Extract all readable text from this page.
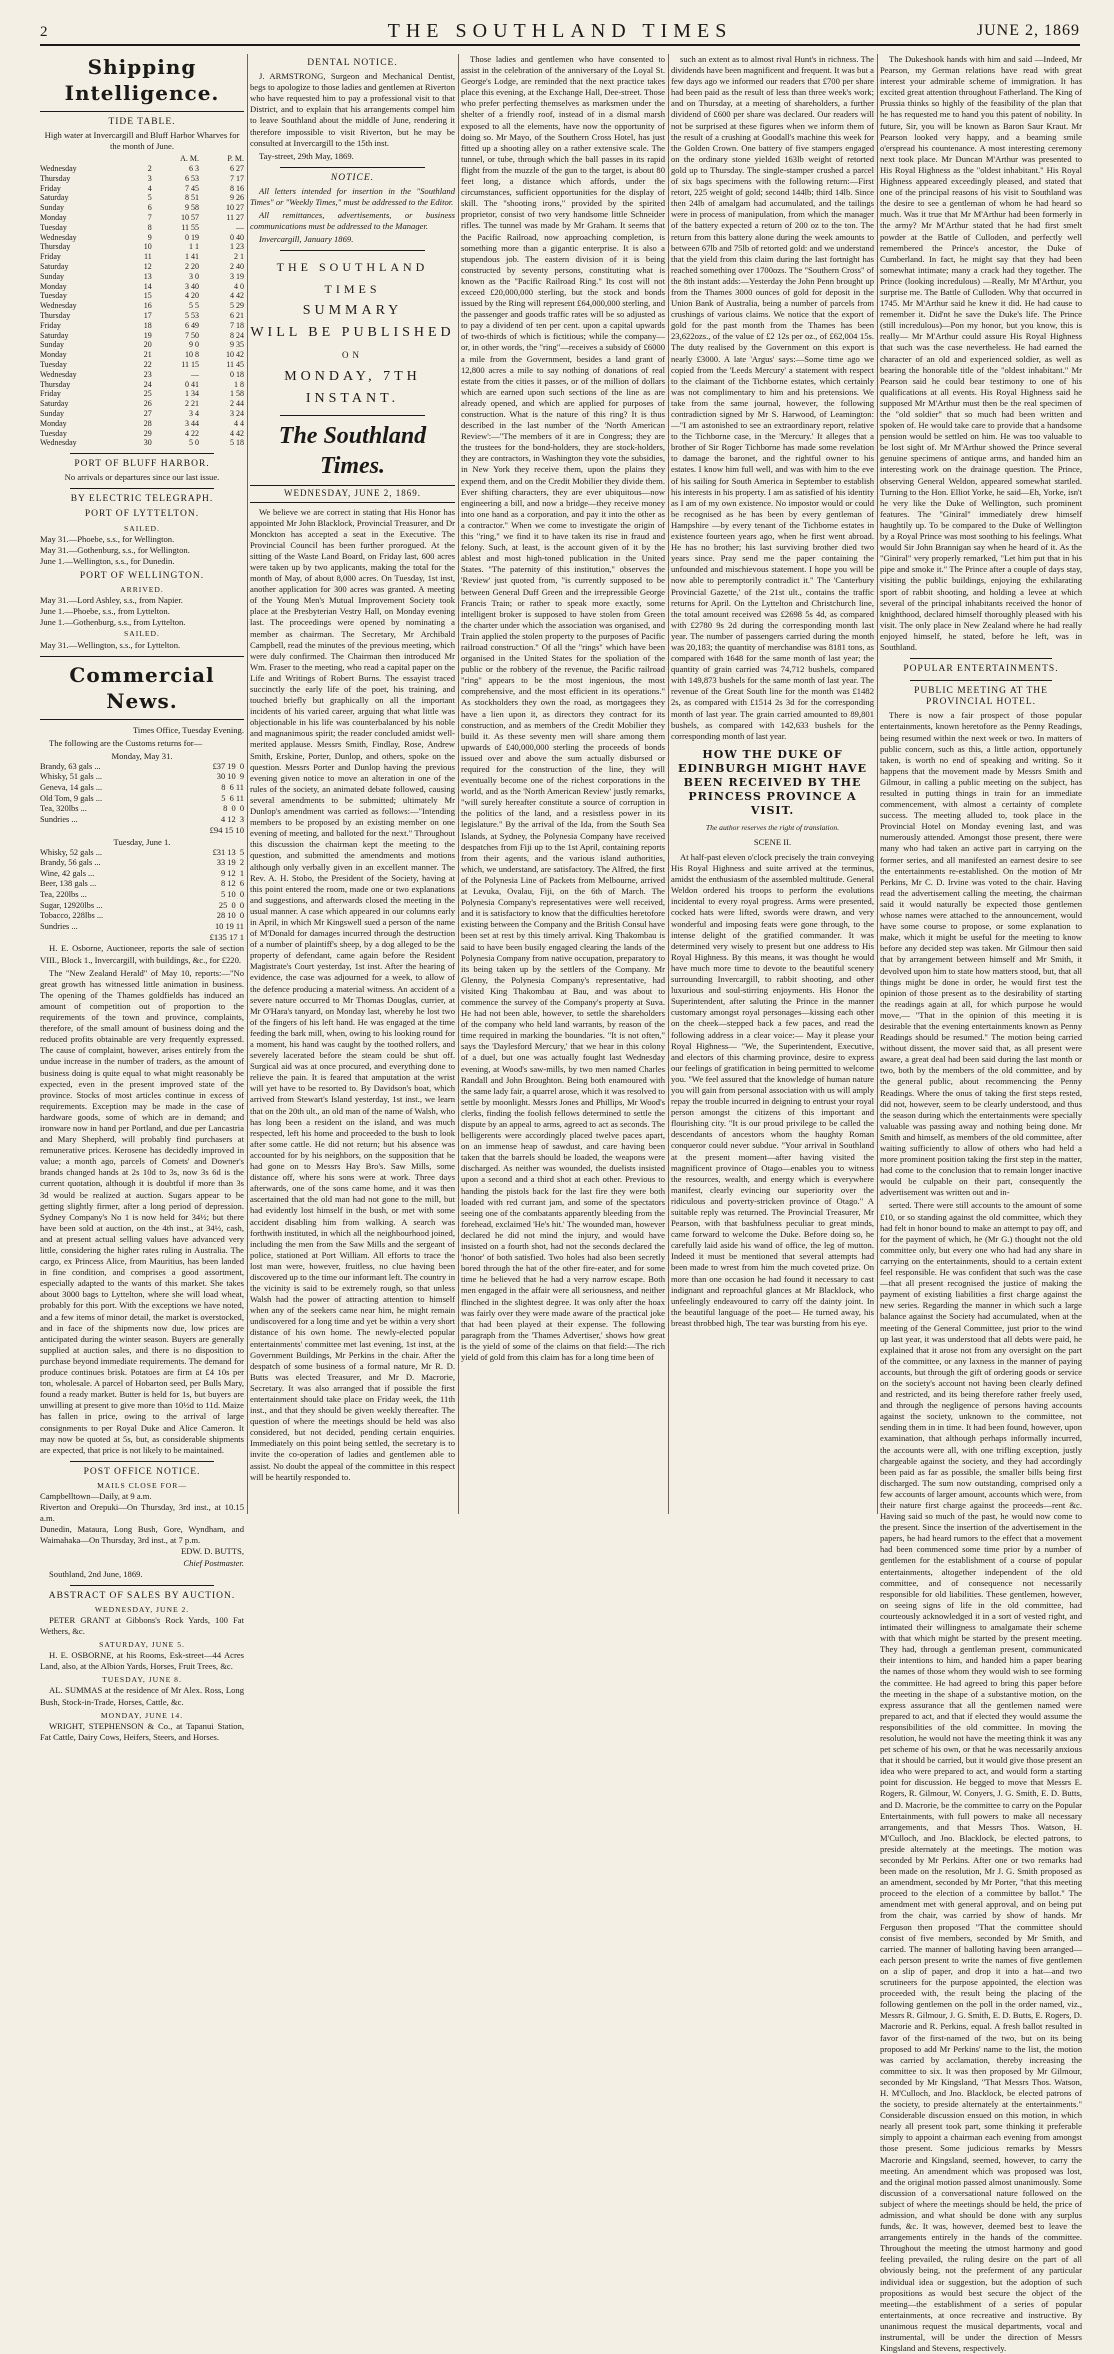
2	THE SOUTHLAND TIMES	JUNE 2, 1869
Shipping Intelligence.
TIDE TABLE.

High water at Invercargill and Bluff Harbor Wharves for the month of June.

		A. M.	P. M.
Wednesday	2	6 3	6 27
Thursday	3	6 53	7 17
Friday	4	7 45	8 16
Saturday	5	8 51	9 26
Sunday	6	9 58	10 27
Monday	7	10 57	11 27
Tuesday	8	11 55	—
Wednesday	9	0 19	0 40
Thursday	10	1 1	1 23
Friday	11	1 41	2 1
Saturday	12	2 20	2 40
Sunday	13	3 0	3 19
Monday	14	3 40	4 0
Tuesday	15	4 20	4 42
Wednesday	16	5 5	5 29
Thursday	17	5 53	6 21
Friday	18	6 49	7 18
Saturday	19	7 50	8 24
Sunday	20	9 0	9 35
Monday	21	10 8	10 42
Tuesday	22	11 15	11 45
Wednesday	23	—	0 18
Thursday	24	0 41	1 8
Friday	25	1 34	1 58
Saturday	26	2 21	2 44
Sunday	27	3 4	3 24
Monday	28	3 44	4 4
Tuesday	29	4 22	4 42
Wednesday	30	5 0	5 18
PORT OF BLUFF HARBOR.

No arrivals or departures since our last issue.

BY ELECTRIC TELEGRAPH.
PORT OF LYTTELTON.
SAILED.
May 31.—Phoebe, s.s., for Wellington.
May 31.—Gothenburg, s.s., for Wellington.
June 1.—Wellington, s.s., for Dunedin.
PORT OF WELLINGTON.
ARRIVED.
May 31.—Lord Ashley, s.s., from Napier.
June 1.—Phoebe, s.s., from Lyttelton.
June 1.—Gothenburg, s.s., from Lyttelton.
SAILED.
May 31.—Wellington, s.s., for Lyttelton.
Commercial News.

Times Office, Tuesday Evening.

The following are the Customs returns for—

Monday, May 31.
Brandy, 63 gals ...	£37 19  0
Whisky, 51 gals ...	30 10  9
Geneva, 14 gals ...	8  6 11
Old Tom, 9 gals ...	5  6 11
Tea, 320lbs ...	8  0  0
Sundries ...	4 12  3
£94 15 10
Tuesday, June 1.
Whisky, 52 gals ...	£31 13  5
Brandy, 56 gals ...	33 19  2
Wine, 42 gals ...	9 12  1
Beer, 138 gals ...	8 12  6
Tea, 220lbs ...	5 10  0
Sugar, 12920lbs ...	25  0  0
Tobacco, 228lbs ...	28 10  0
Sundries ...	10 19 11
£135 17 1

H. E. Osborne, Auctioneer, reports the sale of section VIII., Block 1., Invercargill, with buildings, &c., for £220.

The "New Zealand Herald" of May 10, reports:—"No great growth has witnessed little animation in business. The opening of the Thames goldfields has induced an amount of competition out of proportion to the requirements of the town and province, complaints, therefore, of the small amount of business doing and the reduced profits obtainable are very frequently expressed. The cause of complaint, however, arises entirely from the undue increase in the number of traders, as the amount of business doing is quite equal to what might reasonably be expected, even in the present improved state of the province. Stocks of most articles continue in excess of requirements. Exception may be made in the case of hardware goods, some of which are in demand; and ironware now in hand per Portland, and due per Lancastria and Mary Shepherd, will probably find purchasers at remunerative prices. Kerosene has decidedly improved in value; a month ago, parcels of Comets' and Downer's brands changed hands at 2s 10d to 3s, now 3s 6d is the current quotation, although it is doubtful if more than 3s 3d would be realized at auction. Sugars appear to be getting slightly firmer, after a long period of depression. Sydney Company's No 1 is now held for 34½; but there have been sold at auction, on the 4th inst., at 34½, cash, and at present actual selling values have advanced very little, considering the higher rates ruling in Australia. The cargo, ex Princess Alice, from Mauritius, has been landed in fine condition, and comprises a good assortment, especially adapted to the wants of this market. She takes about 3000 bags to Lyttelton, where she will load wheat, probably for this port. With the exceptions we have noted, and a few items of minor detail, the market is overstocked, and in face of the shipments now due, low prices are anticipated during the winter season. Buyers are generally supplied at auction sales, and there is no disposition to purchase beyond immediate requirements. The demand for produce continues brisk. Potatoes are firm at £4 10s per ton, wholesale. A parcel of Hobarton seed, per Bulls Mary, found a ready market. Butter is held for 1s, but buyers are unwilling at present to give more than 10½d to 11d. Maize has fallen in price, owing to the arrival of large consignments to per Royal Duke and Alice Cameron. It may now be quoted at 5s, but, as considerable shipments are expected, that price is not likely to be maintained.

POST OFFICE NOTICE.
MAILS CLOSE FOR—
Campbelltown—Daily, at 9 a.m.
Riverton and Orepuki—On Thursday, 3rd inst., at 10.15 a.m.
Dunedin, Mataura, Long Bush, Gore, Wyndham, and Waimahaka—On Thursday, 3rd inst., at 7 p.m.
EDW. D. BUTTS,
Chief Postmaster.

Southland, 2nd June, 1869.

ABSTRACT OF SALES BY AUCTION.
WEDNESDAY, JUNE 2.

PETER GRANT at Gibbons's Rock Yards, 100 Fat Wethers, &c.

SATURDAY, JUNE 5.

H. E. OSBORNE, at his Rooms, Esk-street—44 Acres Land, also, at the Albion Yards, Horses, Fruit Trees, &c.

TUESDAY, JUNE 8.

AL. SUMMAS at the residence of Mr Alex. Ross, Long Bush, Stock-in-Trade, Horses, Cattle, &c.

MONDAY, JUNE 14.

WRIGHT, STEPHENSON & Co., at Tapanui Station, Fat Cattle, Dairy Cows, Heifers, Steers, and Horses.

DENTAL NOTICE.

J. ARMSTRONG, Surgeon and Mechanical Dentist, begs to apologize to those ladies and gentlemen at Riverton who have requested him to pay a professional visit to that District, and to explain that his arrangements compel him to leave Southland about the middle of June, rendering it therefore impossible to visit Riverton, but he may be consulted at Invercargill to the 15th inst.

Tay-street, 29th May, 1869.

NOTICE.

All letters intended for insertion in the "Southland Times" or "Weekly Times," must be addressed to the Editor.

All remittances, advertisements, or business communications must be addressed to the Manager.

Invercargill, January 1869.

THE SOUTHLAND TIMES
SUMMARY
WILL BE PUBLISHED
ON
MONDAY, 7TH INSTANT.
The Southland Times.
WEDNESDAY, JUNE 2, 1869.

We believe we are correct in stating that His Honor has appointed Mr John Blacklock, Provincial Treasurer, and Dr Monckton has accepted a seat in the Executive. The Provincial Council has been further prorogued. At the sitting of the Waste Land Board, on Friday last, 600 acres were taken up by two applicants, making the total for the month of May, of about 8,000 acres. On Tuesday, 1st inst, another application for 300 acres was granted. A meeting of the Young Men's Mutual Improvement Society took place at the Presbyterian Vestry Hall, on Monday evening last. The proceedings were opened by nominating a member as chairman. The Secretary, Mr Archibald Campbell, read the minutes of the previous meeting, which were duly confirmed. The Chairman then introduced Mr Wm. Fraser to the meeting, who read a capital paper on the Life and Writings of Robert Burns. The essayist traced succinctly the early life of the poet, his training, and touched briefly but graphically on all the important incidents of his varied career, arguing that what little was objectionable in his life was counterbalanced by his noble and magnanimous spirit; the reader concluded amidst well-merited applause. Messrs Smith, Findlay, Rose, Andrew Smith, Erskine, Porter, Dunlop, and others, spoke on the question. Messrs Porter and Dunlop having the previous evening given notice to move an alteration in one of the rules of the society, an animated debate followed, causing several amendments to be submitted; ultimately Mr Dunlop's amendment was carried as follows:—"Intending members to be proposed by an existing member on one evening of meeting, and balloted for the next." Throughout this discussion the chairman kept the meeting to the question, and submitted the amendments and motions although only verbally given in an excellent manner. The Rev. A. H. Stobo, the President of the Society, having at this point entered the room, made one or two explanations and suggestions, and afterwards closed the meeting in the usual manner. A case which appeared in our columns early in April, in which Mr Kingswell sued a person of the name of M'Donald for damages incurred through the destruction of a number of plaintiff's sheep, by a dog alleged to be the property of defendant, came again before the Resident Magistrate's Court yesterday, 1st inst. After the hearing of evidence, the case was adjourned for a week, to allow of the defence producing a material witness. An accident of a severe nature occurred to Mr Thomas Douglas, currier, at Mr O'Hara's tanyard, on Monday last, whereby he lost two of the fingers of his left hand. He was engaged at the time feeding the bark mill, when, owing to his looking round for a moment, his hand was caught by the toothed rollers, and severely lacerated before the steam could be shut off. Surgical aid was at once procured, and everything done to relieve the pain. It is feared that amputation at the wrist will yet have to be resorted to. By Davidson's boat, which arrived from Stewart's Island yesterday, 1st inst., we learn that on the 20th ult., an old man of the name of Walsh, who has long been a resident on the island, and was much respected, left his home and proceeded to the bush to look after some cattle. He did not return; but his absence was accounted for by his neighbors, on the supposition that he had gone on to Messrs Hay Bro's. Saw Mills, some distance off, where his sons were at work. Three days afterwards, one of the sons came home, and it was then ascertained that the old man had not gone to the mill, but had evidently lost himself in the bush, or met with some accident disabling him from walking. A search was forthwith instituted, in which all the neighbourhood joined, including the men from the Saw Mills and the sergeant of police, stationed at Port William. All efforts to trace the lost man were, however, fruitless, no clue having been discovered up to the time our informant left. The country in the vicinity is said to be extremely rough, so that unless Walsh had the power of attracting attention to himself when any of the seekers came near him, he might remain undiscovered for a long time and yet be within a very short distance of his own home. The newly-elected popular entertainments' committee met last evening, 1st inst, at the Government Buildings, Mr Perkins in the chair. After the despatch of some business of a formal nature, Mr R. D. Butts was elected Treasurer, and Mr D. Macrorie, Secretary. It was also arranged that if possible the first entertainment should take place on Friday week, the 11th inst., and that they should be given weekly thereafter. The question of where the meetings should be held was also considered, but not decided, pending certain enquiries. Immediately on this point being settled, the secretary is to invite the co-operation of ladies and gentlemen able to assist. No doubt the appeal of the committee in this respect will be heartily responded to.

Those ladies and gentlemen who have consented to assist in the celebration of the anniversary of the Loyal St. George's Lodge, are reminded that the next practice takes place this evening, at the Exchange Hall, Dee-street. Those who prefer perfecting themselves as marksmen under the shelter of a friendly roof, instead of in a dismal marsh exposed to all the elements, have now the opportunity of doing so. Mr Mayo, of the Southern Cross Hotel, has just fitted up a shooting alley on a rather extensive scale. The tunnel, or tube, through which the ball passes in its rapid flight from the muzzle of the gun to the target, is about 80 feet long, a distance which affords, under the circumstances, sufficient opportunities for the display of skill. The "shooting irons," provided by the spirited proprietor, consist of two very handsome little Schneider rifles. The tunnel was made by Mr Graham. It seems that the Pacific Railroad, now approaching completion, is something more than a gigantic enterprise. It is also a stupendous job. The eastern division of it is being constructed by seventy persons, constituting what is known as the "Pacific Railroad Ring." Its cost will not exceed £20,000,000 sterling, but the stock and bonds issued by the Ring will represent £64,000,000 sterling, and the passenger and goods traffic rates will be so adjusted as to pay a dividend of ten per cent. upon a capital upwards of two-thirds of which is fictitious; while the company—or, in other words, the "ring"—receives a subsidy of £6000 a mile from the Government, besides a land grant of 12,800 acres a mile to say nothing of donations of real estate from the cities it passes, or of the million of dollars which are earned upon such sections of the line as are already opened, and which are applied for purposes of construction. What is the nature of this ring? It is thus described in the last number of the 'North American Review':—"The members of it are in Congress; they are the trustees for the bond-holders, they are stock-holders, they are contractors, in Washington they vote the subsidies, in New York they receive them, upon the plains they expend them, and on the Credit Mobilier they divide them. Ever shifting characters, they are ever ubiquitous—now engineering a bill, and now a bridge—they receive money into one hand as a corporation, and pay it into the other as a contractor." When we come to investigate the origin of this "ring," we find it to have taken its rise in fraud and felony. Such, at least, is the account given of it by the ablest and most high-toned publication in the United States. "The paternity of this institution," observes the 'Review' just quoted from, "is currently supposed to be between General Duff Green and the irrepressible George Francis Train; or rather to speak more exactly, some intelligent broker is supposed to have stolen from Green the charter under which the association was organised, and Train applied the stolen property to the purposes of Pacific railroad construction." Of all the "rings" which have been organised in the United States for the spoliation of the public or the robbery of the revenue, the Pacific railroad "ring" appears to be the most ingenious, the most comprehensive, and the most efficient in its operations." As stockholders they own the road, as mortgagees they have a lien upon it, as directors they contract for its construction, and as members of the Credit Mobilier they build it. As these seventy men will share among them upwards of £40,000,000 sterling the proceeds of bonds issued over and above the sum actually disbursed or required for the construction of the line, they will eventually become one of the richest corporations in the world, and as the 'North American Review' justly remarks, "will surely hereafter constitute a source of corruption in the politics of the land, and a resistless power in its legislature." By the arrival of the Ida, from the South Sea Islands, at Sydney, the Polynesia Company have received despatches from Fiji up to the 1st April, containing reports from their agents, and the various island authorities, which, we understand, are satisfactory. The Alfred, the first of the Polynesia Line of Packets from Melbourne, arrived at Levuka, Ovalau, Fiji, on the 6th of March. The Polynesia Company's representatives were well received, and it is satisfactory to know that the difficulties heretofore existing between the Company and the British Consul have been set at rest by this timely arrival. King Thakombau is said to have been busily engaged clearing the lands of the Polynesia Company from native occupation, preparatory to its being taken up by the settlers of the Company. Mr Glenny, the Polynesia Company's representative, had visited King Thakombau at Bau, and was about to commence the survey of the Company's property at Suva. He had not been able, however, to settle the shareholders of the company who held land warrants, by reason of the time required in marking the boundaries. "It is not often," says the 'Daylesford Mercury,' that we hear in this colony of a duel, but one was actually fought last Wednesday evening, at Wood's saw-mills, by two men named Charles Randall and John Broughton. Being both enamoured with the same lady fair, a quarrel arose, which it was resolved to settle by moonlight. Messrs Jones and Phillips, Mr Wood's clerks, finding the foolish fellows determined to settle the dispute by an appeal to arms, agreed to act as seconds. The belligerents were accordingly placed twelve paces apart, on an immense heap of sawdust, and care having been taken that the barrels should be loaded, the weapons were discharged. As neither was wounded, the duelists insisted upon a second and a third shot at each other. Previous to handing the pistols back for the last fire they were both loaded with red currant jam, and some of the spectators seeing one of the combatants apparently bleeding from the forehead, exclaimed 'He's hit.' The wounded man, however declared he did not mind the injury, and would have insisted on a fourth shot, had not the seconds declared the 'honor' of both satisfied. Two holes had also been secretly bored through the hat of the other fire-eater, and for some time he believed that he had a very narrow escape. Both men engaged in the affair were all seriousness, and neither flinched in the slightest degree. It was only after the hoax was fairly over they were made aware of the practical joke that had been played at their expense. The following paragraph from the 'Thames Advertiser,' shows how great is the yield of some of the claims on that field:—The rich yield of gold from this claim has for a long time been of

such an extent as to almost rival Hunt's in richness. The dividends have been magnificent and frequent. It was but a few days ago we informed our readers that £700 per share had been paid as the result of less than three week's work; and on Thursday, at a meeting of shareholders, a further dividend of £600 per share was declared. Our readers will not be surprised at these figures when we inform them of the result of a crushing at Goodall's machine this week for the Golden Crown. One battery of five stampers engaged on the ordinary stone yielded 163lb weight of retorted gold up to Thursday. The single-stamper crushed a parcel of six bags specimens with the following return:—First retort, 225 weight of gold; second 144lb; third 14lb. Since then 24lb of amalgam had accumulated, and the tailings were in process of manipulation, from which the manager of the battery expected a return of 200 oz to the ton. The return from this battery alone during the week amounts to between 67lb and 75lb of retorted gold: and we understand that the yield from this claim during the last fortnight has reached something over 1700ozs. The "Southern Cross" of the 8th instant adds:—Yesterday the John Penn brought up from the Thames 3000 ounces of gold for deposit in the Union Bank of Australia, being a number of parcels from crushings of various claims. We notice that the export of gold for the past month from the Thames has been 23,622ozs., of the value of £2 12s per oz., of £62,004 15s. The duty realised by the Government on this export is nearly £3000. A late 'Argus' says:—Some time ago we copied from the 'Leeds Mercury' a statement with respect to the claimant of the Tichborne estates, which certainly was not complimentary to him and his pretensions. We take from the same journal, however, the following contradiction signed by Mr S. Harwood, of Leamington:—"I am astonished to see an extraordinary report, relative to the Tichborne case, in the 'Mercury.' It alleges that a brother of Sir Roger Tichborne has made some revelation to damage the baronet, and the rightful owner to his estates. I know him full well, and was with him to the eve of his sailing for South America in September to establish his interests in his property. I am as satisfied of his identity as I am of my own existence. No impostor would or could be recognised as he has been by every gentleman of Hampshire —by every tenant of the Tichborne estates in existence fourteen years ago, when he first went abroad. He has no brother; his last surviving brother died two years since. Pray send me the paper containing the unfounded and mischievous statement. I hope you will be now able to peremptorily contradict it." The 'Canterbury Provincial Gazette,' of the 21st ult., contains the traffic returns for April. On the Lyttelton and Christchurch line, the total amount received was £2698 5s 4d, as compared with £2780 9s 2d during the corresponding month last year. The number of passengers carried during the month was 20,183; the quantity of merchandise was 8181 tons, as compared with 1648 for the same month of last year; the quantity of grain carried was 74,712 bushels, compared with 149,873 bushels for the same month of last year. The revenue of the Great South line for the month was £1482 2s, as compared with £1514 2s 3d for the corresponding month of last year. The grain carried amounted to 89,801 bushels, as compared with 142,633 bushels for the corresponding month of last year.

HOW THE DUKE OF EDINBURGH MIGHT HAVE BEEN RECEIVED BY THE PRINCESS PROVINCE A VISIT.
The author reserves the right of translation.
SCENE II.

At half-past eleven o'clock precisely the train conveying His Royal Highness and suite arrived at the terminus, amidst the enthusiasm of the assembled multitude. General Weldon ordered his troops to perform the evolutions incidental to every royal progress. Arms were presented, cocked hats were lifted, swords were drawn, and very wonderful and imposing feats were gone through, to the intense delight of the gratified commander. It was determined very wisely to present but one address to His Royal Highness. By this means, it was thought he would have much more time to devote to the beautiful scenery surrounding Invercargill, to rabbit shooting, and other luxurious and soul-stirring enjoyments. His Honor the Superintendent, after saluting the Prince in the manner customary amongst royal personages—kissing each other on the cheek—stepped back a few paces, and read the following address in a clear voice:— May it please your Royal Highness— "We, the Superintendent, Executive, and electors of this charming province, desire to express our feelings of gratification in being permitted to welcome you. "We feel assured that the knowledge of human nature you will gain from personal association with us will amply repay the trouble incurred in deigning to entrust your royal person amongst the citizens of this important and flourishing city. "It is our proud privilege to be called the descendants of ancestors whom the haughty Roman conqueror could never subdue. "Your arrival in Southland at the present moment—after having visited the magnificent province of Otago—enables you to witness the resources, wealth, and energy which is everywhere manifest, clearly evincing our superiority over the ridiculous and poverty-stricken province of Otago." A suitable reply was returned. The Provincial Treasurer, Mr Pearson, with that bashfulness peculiar to great minds, came forward to welcome the Duke. Before doing so, he carefully laid aside his wand of office, the leg of mutton. Indeed it must be mentioned that several attempts had been made to wrest from him the much coveted prize. On more than one occasion he had found it necessary to cast indignant and reproachful glances at Mr Blacklock, who unfeelingly endeavoured to carry off the dainty joint. In the beautiful language of the poet— He turned away, his breast throbbed high, The tear was bursting from his eye.

The Dukeshook hands with him and said —Indeed, Mr Pearson, my German relations have read with great interest your admirable scheme of immigration. It has excited great attention throughout Fatherland. The King of Prussia thinks so highly of the feasibility of the plan that he has requested me to hand you this patent of nobility. In future, Sir, you will be known as Baron Saur Kraut. Mr Pearson looked very happy, and a beaming smile o'erspread his countenance. A most interesting ceremony next took place. Mr Duncan M'Arthur was presented to His Royal Highness as the "oldest inhabitant." His Royal Highness appeared exceedingly pleased, and stated that one of the principal reasons of his visit to Southland was the desire to see a gentleman of whom he had heard so much. Was it true that Mr M'Arthur had been formerly in the army? Mr M'Arthur stated that he had first smelt powder at the Battle of Culloden, and perfectly well remembered the Prince's ancestor, the Duke of Cumberland. In fact, he might say that they had been somewhat intimate; many a crack had they together. The Prince (looking incredulous) —Really, Mr M'Arthur, you surprise me. The Battle of Culloden. Why that occurred in 1745. Mr M'Arthur said he knew it did. He had cause to remember it. Did'nt he save the Duke's life. The Prince (still incredulous)—Pon my honor, but you know, this is really— Mr M'Arthur could assure His Royal Highness that such was the case nevertheless. He had earned the character of an old and experienced soldier, as well as bearing the honorable title of the "oldest inhabitant." Mr Pearson said he could bear testimony to one of his qualifications at all events. His Royal Highness said he supposed Mr M'Arthur must then be the real specimen of the "old soldier" that so much had been written and spoken of. He would take care to provide that a handsome pension would be settled on him. He was too valuable to be lost sight of. Mr M'Arthur showed the Prince several genuine specimens of antique arms, and handed him an interesting work on the drainage question. The Prince, observing General Weldon, appeared somewhat startled. Turning to the Hon. Elliot Yorke, he said—Eh, Yorke, isn't he very like the Duke of Wellington, such prominent features. The "Giniral" immediately drew himself haughtily up. To be compared to the Duke of Wellington by a Royal Prince was most soothing to his feelings. What would Sir John Brannigan say when he heard of it. As the "Giniral" very properly remarked, "Let him put that in his pipe and smoke it." The Prince after a couple of days stay, visiting the public buildings, enjoying the exhilarating sport of rabbit shooting, and holding a levee at which several of the principal inhabitants received the honor of knighthood, declared himself thoroughly pleased with his visit. The only place in New Zealand where he had really enjoyed himself, he stated, before he left, was in Southland.

POPULAR ENTERTAINMENTS.
PUBLIC MEETING AT THE PROVINCIAL HOTEL.

There is now a fair prospect of those popular entertainments, known heretofore as the Penny Readings, being resumed within the next week or two. In matters of public concern, such as this, a little action, opportunely taken, is worth no end of speaking and writing. So it happens that the movement made by Messrs Smith and Gilmour, in calling a public meeting on the subject, has resulted in putting things in train for an immediate commencement, with almost a certainty of complete success. The meeting alluded to, took place in the Provincial Hotel on Monday evening last, and was numerously attended. Amongst those present, there were many who had taken an active part in carrying on the former series, and all manifested an earnest desire to see the entertainments re-established. On the motion of Mr Perkins, Mr C. D. Irvine was voted to the chair. Having read the advertisement calling the meeting, the chairman said it would naturally be expected those gentlemen whose names were attached to the announcement, would have some course to propose, or some explanation to make, which it might be useful for the meeting to know before any decided step was taken. Mr Gilmour then said that by arrangement between himself and Mr Smith, it devolved upon him to state how matters stood, but, that all things might be done in order, he would first test the opinion of those present as to the desirability of starting the readings again at all, for which purpose he would move,— "That in the opinion of this meeting it is desirable that the evening entertainments known as Penny Readings should be resumed." The motion being carried without dissent, the mover said that, as all present were aware, a great deal had been said during the last month or two, both by the members of the old committee, and by the general public, about recommencing the Penny Readings. Where the onus of taking the first steps rested, did not, however, seem to be clearly understood, and thus the season during which the entertainments were specially valuable was passing away and nothing being done. Mr Smith and himself, as members of the old committee, after waiting sufficiently to allow of others who had held a more prominent position taking the first step in the matter, had come to the conclusion that to remain longer inactive would be culpable on their part, consequently the advertisement was written out and in-

serted. There were still accounts to the amount of some £10, or so standing against the old committee, which they had felt in honor bound to make an attempt to pay off, and for the payment of which, he (Mr G.) thought not the old committee only, but every one who had had any share in carrying on the entertainments, should to a certain extent feel responsible. He was confident that such was the case—that all present recognised the justice of making the payment of existing liabilities a first charge against the new series. Regarding the manner in which such a large balance against the Society had accumulated, when at the meeting of the General Committee, just prior to the wind up last year, it was understood that all debts were paid, he explained that it arose not from any oversight on the part of the committee, or any laxness in the manner of paying accounts, but through the gift of ordering goods or service on the society's account not having been clearly defined and restricted, and its being therefore rather freely used, and through the negligence of persons having accounts against the society, unknown to the committee, not sending them in in time. It had been found, however, upon examination, that although perhaps informally incurred, the accounts were all, with one trifling exception, justly chargeable against the society, and they had accordingly been paid as far as possible, the smaller bills being first discharged. The sum now outstanding, comprised only a few accounts of larger amount, accounts which were, from their nature first charge against the proceeds—rent &c. Having said so much of the past, he would now come to the present. Since the insertion of the advertisement in the papers, he had heard rumors to the effect that a movement had been commenced some time prior by a number of gentlemen for the establishment of a course of popular entertainments, altogether independent of the old committee, and of consequence not necessarily responsible for old liabilities. These gentlemen, however, on seeing signs of life in the old committee, had courteously acknowledged it in a sort of vested right, and intimated their willingness to amalgamate their scheme with that which might be started by the present meeting. They had, through a gentleman present, communicated their intentions to him, and handed him a paper bearing the names of those whom they would wish to see forming the committee. He had agreed to bring this paper before the meeting in the shape of a substantive motion, on the express assurance that all the gentlemen named were prepared to act, and that if elected they would assume the responsibilities of the old committee. In moving the resolution, he would not have the meeting think it was any pet scheme of his own, or that he was necessarily anxious that it should be carried, but it would give those present an idea who were prepared to act, and would form a starting point for discussion. He begged to move that Messrs E. Rogers, R. Gilmour, W. Conyers, J. G. Smith, E. D. Butts, and D. Macrorie, be the committee to carry on the Popular Entertainments, with full powers to make all necessary arrangements, and that Messrs Thos. Watson, H. M'Culloch, and Jno. Blacklock, be elected patrons, to preside alternately at the meetings. The motion was seconded by Mr Perkins. After one or two remarks had been made on the resolution, Mr J. G. Smith proposed as an amendment, seconded by Mr Porter, "that this meeting proceed to the election of a committee by ballot." The amendment met with general approval, and on being put from the chair, was carried by show of hands. Mr Ferguson then proposed "That the committee should consist of five members, seconded by Mr Smith, and carried. The manner of balloting having been arranged—each person present to write the names of five gentlemen on a slip of paper, and drop it into a hat—and two scrutineers for the purpose appointed, the election was proceeded with, the result being the placing of the following gentlemen on the poll in the order named, viz., Messrs R. Gilmour, J. G. Smith, E. D. Butts, E. Rogers, D. Macrorie and R. Perkins, equal. A fresh ballot resulted in favor of the first-named of the two, but on its being proposed to add Mr Perkins' name to the list, the motion was carried by acclamation, thereby increasing the committee to six. It was then proposed by Mr Gilmour, seconded by Mr Kingsland, "That Messrs Thos. Watson, H. M'Culloch, and Jno. Blacklock, be elected patrons of the society, to preside alternately at the entertainments." Considerable discussion ensued on this motion, in which nearly all present took part, some thinking it preferable simply to appoint a chairman each evening from amongst those present. Some judicious remarks by Messrs Macrorie and Kingsland, seemed, however, to carry the meeting. An amendment which was proposed was lost, and the original motion passed almost unanimously. Some discussion of a conversational nature followed on the subject of where the meetings should be held, the price of admission, and what should be done with any surplus funds, &c. It was, however, deemed best to leave the arrangements entirely in the hands of the committee. Throughout the meeting the utmost harmony and good feeling prevailed, the ruling desire on the part of all obviously being, not the preferment of any particular individual idea or suggestion, but the adoption of such propositions as would best secure the object of the meeting—the establishment of a series of popular entertainments, at once recreative and instructive. By unanimous request the musical departments, vocal and instrumental, will be under the direction of Messrs Kingsland and Stevens, respectively.
